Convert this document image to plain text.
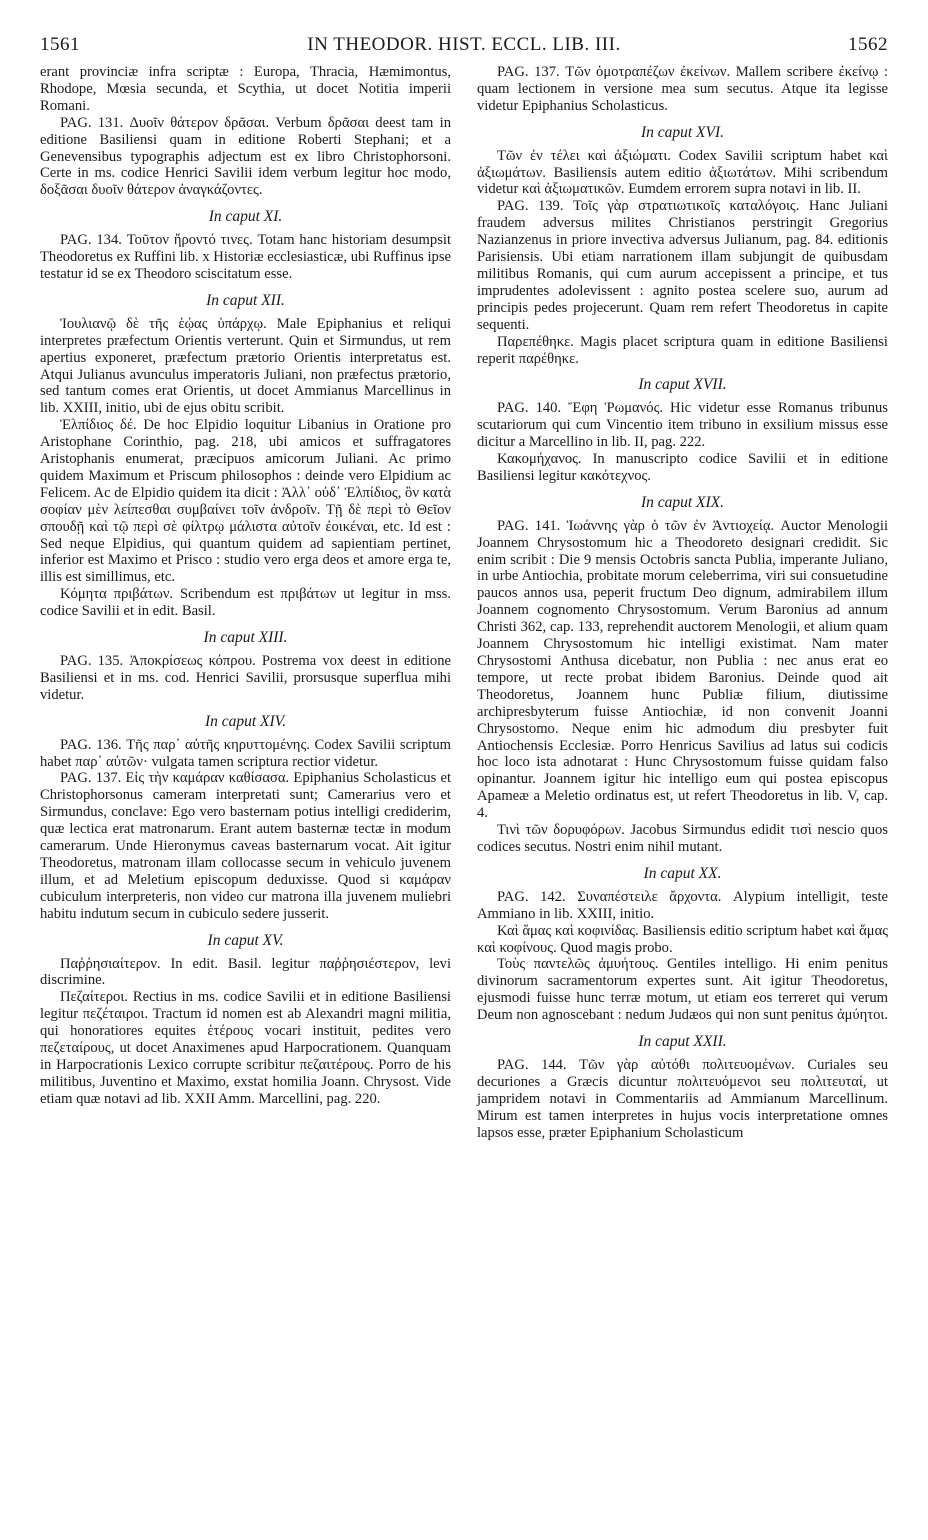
1561	IN THEODOR. HIST. ECCL. LIB. III.	1562

erant provinciæ infra scriptæ : Europa, Thracia, Hæmimontus, Rhodope, Mœsia secunda, et Scythia, ut docet Notitia imperii Romani.

PAG. 131. Δυοῖν θάτερον δρᾶσαι. Verbum δρᾶσαι deest tam in editione Basiliensi quam in editione Roberti Stephani; et a Genevensibus typographis adjectum est ex libro Christophorsoni. Certe in ms. codice Henrici Savilii idem verbum legitur hoc modo, δοξᾶσαι δυοῖν θάτερον ἀναγκάζοντες.

In caput XI.

PAG. 134. Τοῦτον ἤροντό τινες. Totam hanc historiam desumpsit Theodoretus ex Ruffini lib. x Historiæ ecclesiasticæ, ubi Ruffinus ipse testatur id se ex Theodoro sciscitatum esse.

In caput XII.

Ἰουλιανῷ δὲ τῆς ἑῴας ὑπάρχῳ. Male Epiphanius et reliqui interpretes præfectum Orientis verterunt. Quin et Sirmundus, ut rem apertius exponeret, præfectum prætorio Orientis interpretatus est. Atqui Julianus avunculus imperatoris Juliani, non præfectus prætorio, sed tantum comes erat Orientis, ut docet Ammianus Marcellinus in lib. XXIII, initio, ubi de ejus obitu scribit.

Ἐλπίδιος δέ. De hoc Elpidio loquitur Libanius in Oratione pro Aristophane Corinthio, pag. 218, ubi amicos et suffragatores Aristophanis enumerat, præcipuos amicorum Juliani. Ac primo quidem Maximum et Priscum philosophos : deinde vero Elpidium ac Felicem. Ac de Elpidio quidem ita dicit : Ἀλλ᾽ οὐδ᾽ Ἐλπίδιος, ὃν κατὰ σοφίαν μὲν λείπεσθαι συμβαίνει τοῖν ἀνδροῖν. Τῇ δὲ περὶ τὸ Θεῖον σπουδῇ καὶ τῷ περὶ σὲ φίλτρῳ μάλιστα αὐτοῖν ἐοικέναι, etc. Id est : Sed neque Elpidius, qui quantum quidem ad sapientiam pertinet, inferior est Maximo et Prisco : studio vero erga deos et amore erga te, illis est simillimus, etc.

Κόμητα πριβάτων. Scribendum est πριβάτων ut legitur in mss. codice Savilii et in edit. Basil.

In caput XIII.

PAG. 135. Ἀποκρίσεως κόπρου. Postrema vox deest in editione Basiliensi et in ms. cod. Henrici Savilii, prorsusque superflua mihi videtur.

In caput XIV.

PAG. 136. Τῆς παρ᾽ αὐτῆς κηρυττομένης. Codex Savilii scriptum habet παρ᾽ αὐτῶν· vulgata tamen scriptura rectior videtur.

PAG. 137. Εἰς τὴν καμάραν καθίσασα. Epiphanius Scholasticus et Christophorsonus cameram interpretati sunt; Camerarius vero et Sirmundus, conclave: Ego vero basternam potius intelligi crediderim, quæ lectica erat matronarum. Erant autem basternæ tectæ in modum camerarum. Unde Hieronymus caveas basternarum vocat. Ait igitur Theodoretus, matronam illam collocasse secum in vehiculo juvenem illum, et ad Meletium episcopum deduxisse. Quod si καμάραν cubiculum interpreteris, non video cur matrona illa juvenem muliebri habitu indutum secum in cubiculo sedere jusserit.

In caput XV.

Παῤῥησιαίτερον. In edit. Basil. legitur παῤῥησιέστερον, levi discrimine.

Πεζαίτεροι. Rectius in ms. codice Savilii et in editione Basiliensi legitur πεζέταιροι. Tractum id nomen est ab Alexandri magni militia, qui honoratiores equites ἑτέρους vocari instituit, pedites vero πεζεταίρους, ut docet Anaximenes apud Harpocrationem. Quanquam in Harpocrationis Lexico corrupte scribitur πεζαιτέρους. Porro de his militibus, Juventino et Maximo, exstat homilia Joann. Chrysost. Vide etiam quæ notavi ad lib. XXII Amm. Marcellini, pag. 220.

PAG. 137. Τῶν ὁμοτραπέζων ἐκείνων. Mallem scribere ἐκείνῳ : quam lectionem in versione mea sum secutus. Atque ita legisse videtur Epiphanius Scholasticus.

In caput XVI.

Τῶν ἐν τέλει καὶ ἀξιώματι. Codex Savilii scriptum habet καὶ ἀξιωμάτων. Basiliensis autem editio ἀξιωτάτων. Mihi scribendum videtur καὶ ἀξιωματικῶν. Eumdem errorem supra notavi in lib. II.

PAG. 139. Τοῖς γὰρ στρατιωτικοῖς καταλόγοις. Hanc Juliani fraudem adversus milites Christianos perstringit Gregorius Nazianzenus in priore invectiva adversus Julianum, pag. 84. editionis Parisiensis. Ubi etiam narrationem illam subjungit de quibusdam militibus Romanis, qui cum aurum accepissent a principe, et tus imprudentes adolevissent : agnito postea scelere suo, aurum ad principis pedes projecerunt. Quam rem refert Theodoretus in capite sequenti.

Παρεπέθηκε. Magis placet scriptura quam in editione Basiliensi reperit παρέθηκε.

In caput XVII.

PAG. 140. Ἔφη Ῥωμανός. Hic videtur esse Romanus tribunus scutariorum qui cum Vincentio item tribuno in exsilium missus esse dicitur a Marcellino in lib. II, pag. 222.

Κακομήχανος. In manuscripto codice Savilii et in editione Basiliensi legitur κακότεχνος.

In caput XIX.

PAG. 141. Ἰωάννης γὰρ ὁ τῶν ἐν Ἀντιοχείᾳ. Auctor Menologii Joannem Chrysostomum hic a Theodoreto designari credidit. Sic enim scribit : Die 9 mensis Octobris sancta Publia, imperante Juliano, in urbe Antiochia, probitate morum celeberrima, viri sui consuetudine paucos annos usa, peperit fructum Deo dignum, admirabilem illum Joannem cognomento Chrysostomum. Verum Baronius ad annum Christi 362, cap. 133, reprehendit auctorem Menologii, et alium quam Joannem Chrysostomum hic intelligi existimat. Nam mater Chrysostomi Anthusa dicebatur, non Publia : nec anus erat eo tempore, ut recte probat ibidem Baronius. Deinde quod ait Theodoretus, Joannem hunc Publiæ filium, diutissime archipresbyterum fuisse Antiochiæ, id non convenit Joanni Chrysostomo. Neque enim hic admodum diu presbyter fuit Antiochensis Ecclesiæ. Porro Henricus Savilius ad latus sui codicis hoc loco ista adnotarat : Hunc Chrysostomum fuisse quidam falso opinantur. Joannem igitur hic intelligo eum qui postea episcopus Apameæ a Meletio ordinatus est, ut refert Theodoretus in lib. V, cap. 4.

Τινὶ τῶν δορυφόρων. Jacobus Sirmundus edidit τισὶ nescio quos codices secutus. Nostri enim nihil mutant.

In caput XX.

PAG. 142. Συναπέστειλε ἄρχοντα. Alypium intelligit, teste Ammiano in lib. XXIII, initio.

Καὶ ἅμας καὶ κοφινίδας. Basiliensis editio scriptum habet καὶ ἅμας καὶ κοφίνους. Quod magis probo.

Τοὺς παντελῶς ἀμυήτους. Gentiles intelligo. Hi enim penitus divinorum sacramentorum expertes sunt. Ait igitur Theodoretus, ejusmodi fuisse hunc terræ motum, ut etiam eos terreret qui verum Deum non agnoscebant : nedum Judæos qui non sunt penitus ἀμύητοι.

In caput XXII.

PAG. 144. Τῶν γὰρ αὐτόθι πολιτευομένων. Curiales seu decuriones a Græcis dicuntur πολιτευόμενοι seu πολιτευταί, ut jampridem notavi in Commentariis ad Ammianum Marcellinum. Mirum est tamen interpretes in hujus vocis interpretatione omnes lapsos esse, præter Epiphanium Scholasticum
